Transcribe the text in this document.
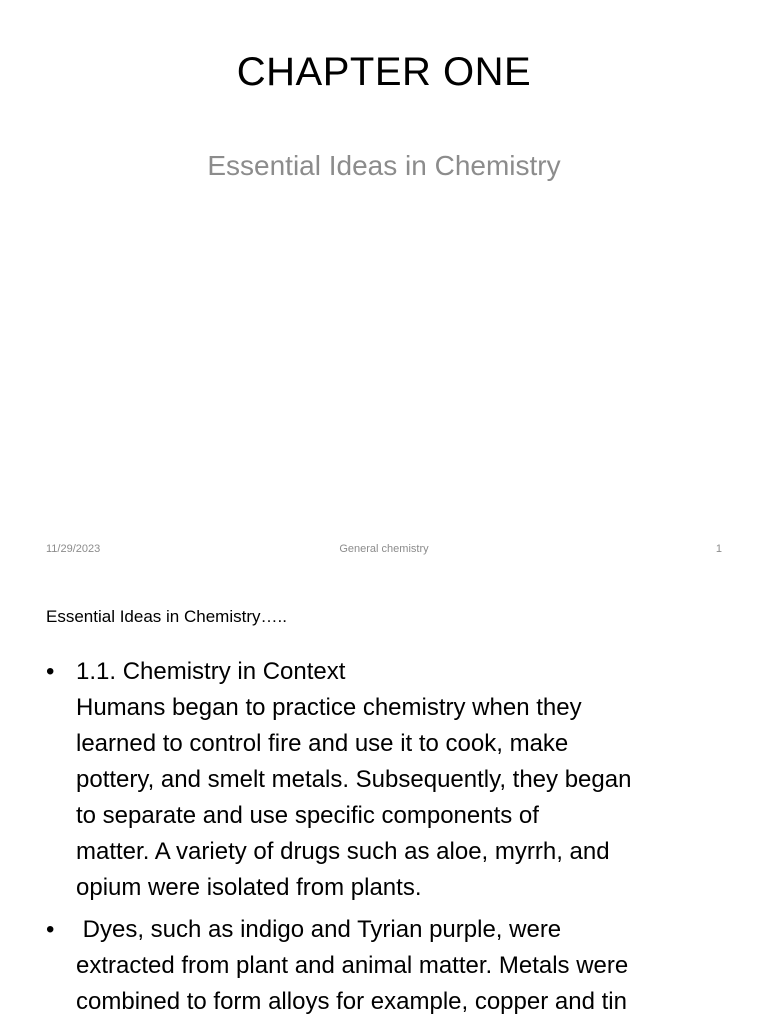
CHAPTER ONE
Essential Ideas in Chemistry
11/29/2023	General chemistry	1
Essential Ideas in Chemistry…..
• 1.1. Chemistry in Context
Humans began to practice chemistry when they
learned to control fire and use it to cook, make
pottery, and smelt metals. Subsequently, they began
to separate and use specific components of
matter. A variety of drugs such as aloe, myrrh, and
opium were isolated from plants.
• Dyes, such as indigo and Tyrian purple, were
extracted from plant and animal matter. Metals were
combined to form alloys for example, copper and tin
